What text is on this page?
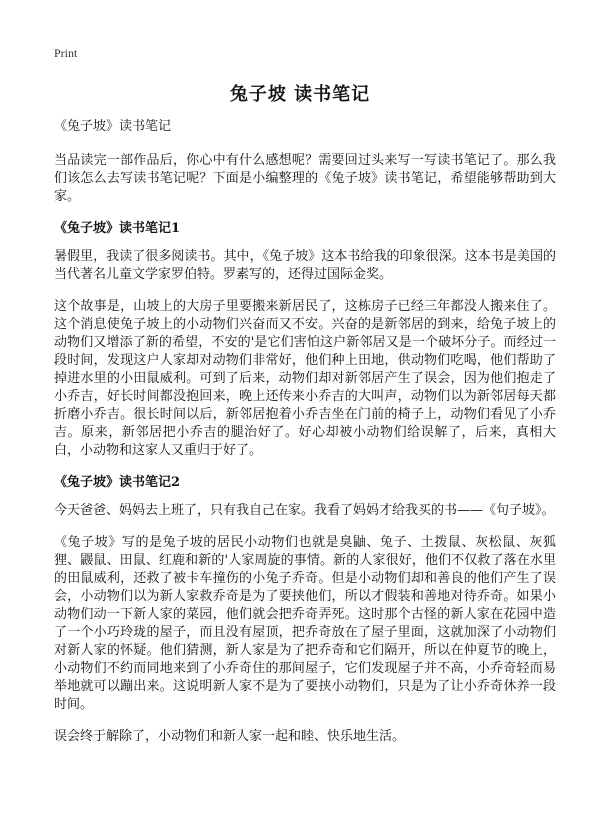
Print
兔子坡 读书笔记

《兔子坡》读书笔记

当品读完一部作品后，你心中有什么感想呢？需要回过头来写一写读书笔记了。那么我们该怎么去写读书笔记呢？下面是小编整理的《兔子坡》读书笔记，希望能够帮助到大家。

《兔子坡》读书笔记1

暑假里，我读了很多阅读书。其中，《兔子坡》这本书给我的印象很深。这本书是美国的当代著名儿童文学家罗伯特。罗素写的，还得过国际金奖。

这个故事是，山坡上的大房子里要搬来新居民了，这栋房子已经三年都没人搬来住了。这个消息使兔子坡上的小动物们兴奋而又不安。兴奋的是新邻居的到来，给兔子坡上的动物们又增添了新的希望，不安的'是它们害怕这户新邻居又是一个破坏分子。而经过一段时间，发现这户人家却对动物们非常好，他们种上田地，供动物们吃喝，他们帮助了掉进水里的小田鼠威利。可到了后来，动物们却对新邻居产生了误会，因为他们抱走了小乔吉，好长时间都没抱回来，晚上还传来小乔吉的大叫声，动物们以为新邻居每天都折磨小乔吉。很长时间以后，新邻居抱着小乔吉坐在门前的椅子上，动物们看见了小乔吉。原来，新邻居把小乔吉的腿治好了。好心却被小动物们给误解了，后来，真相大白，小动物和这家人又重归于好了。

《兔子坡》读书笔记2

今天爸爸、妈妈去上班了，只有我自己在家。我看了妈妈才给我买的书——《句子坡》。

《兔子坡》写的是兔子坡的居民小动物们也就是臭鼬、兔子、土拨鼠、灰松鼠、灰狐狸、鼹鼠、田鼠、红鹿和新的'人家周旋的事情。新的人家很好，他们不仅救了落在水里的田鼠威利，还救了被卡车撞伤的小兔子乔奇。但是小动物们却和善良的他们产生了误会，小动物们以为新人家救乔奇是为了要挟他们，所以才假装和善地对待乔奇。如果小动物们动一下新人家的菜园，他们就会把乔奇弄死。这时那个古怪的新人家在花园中造了一个小巧玲珑的屋子，而且没有屋顶，把乔奇放在了屋子里面，这就加深了小动物们对新人家的怀疑。他们猜测，新人家是为了把乔奇和它们隔开，所以在仲夏节的晚上，小动物们不约而同地来到了小乔奇住的那间屋子，它们发现屋子并不高，小乔奇轻而易举地就可以蹦出来。这说明新人家不是为了要挟小动物们，只是为了让小乔奇休养一段时间。

误会终于解除了，小动物们和新人家一起和睦、快乐地生活。
